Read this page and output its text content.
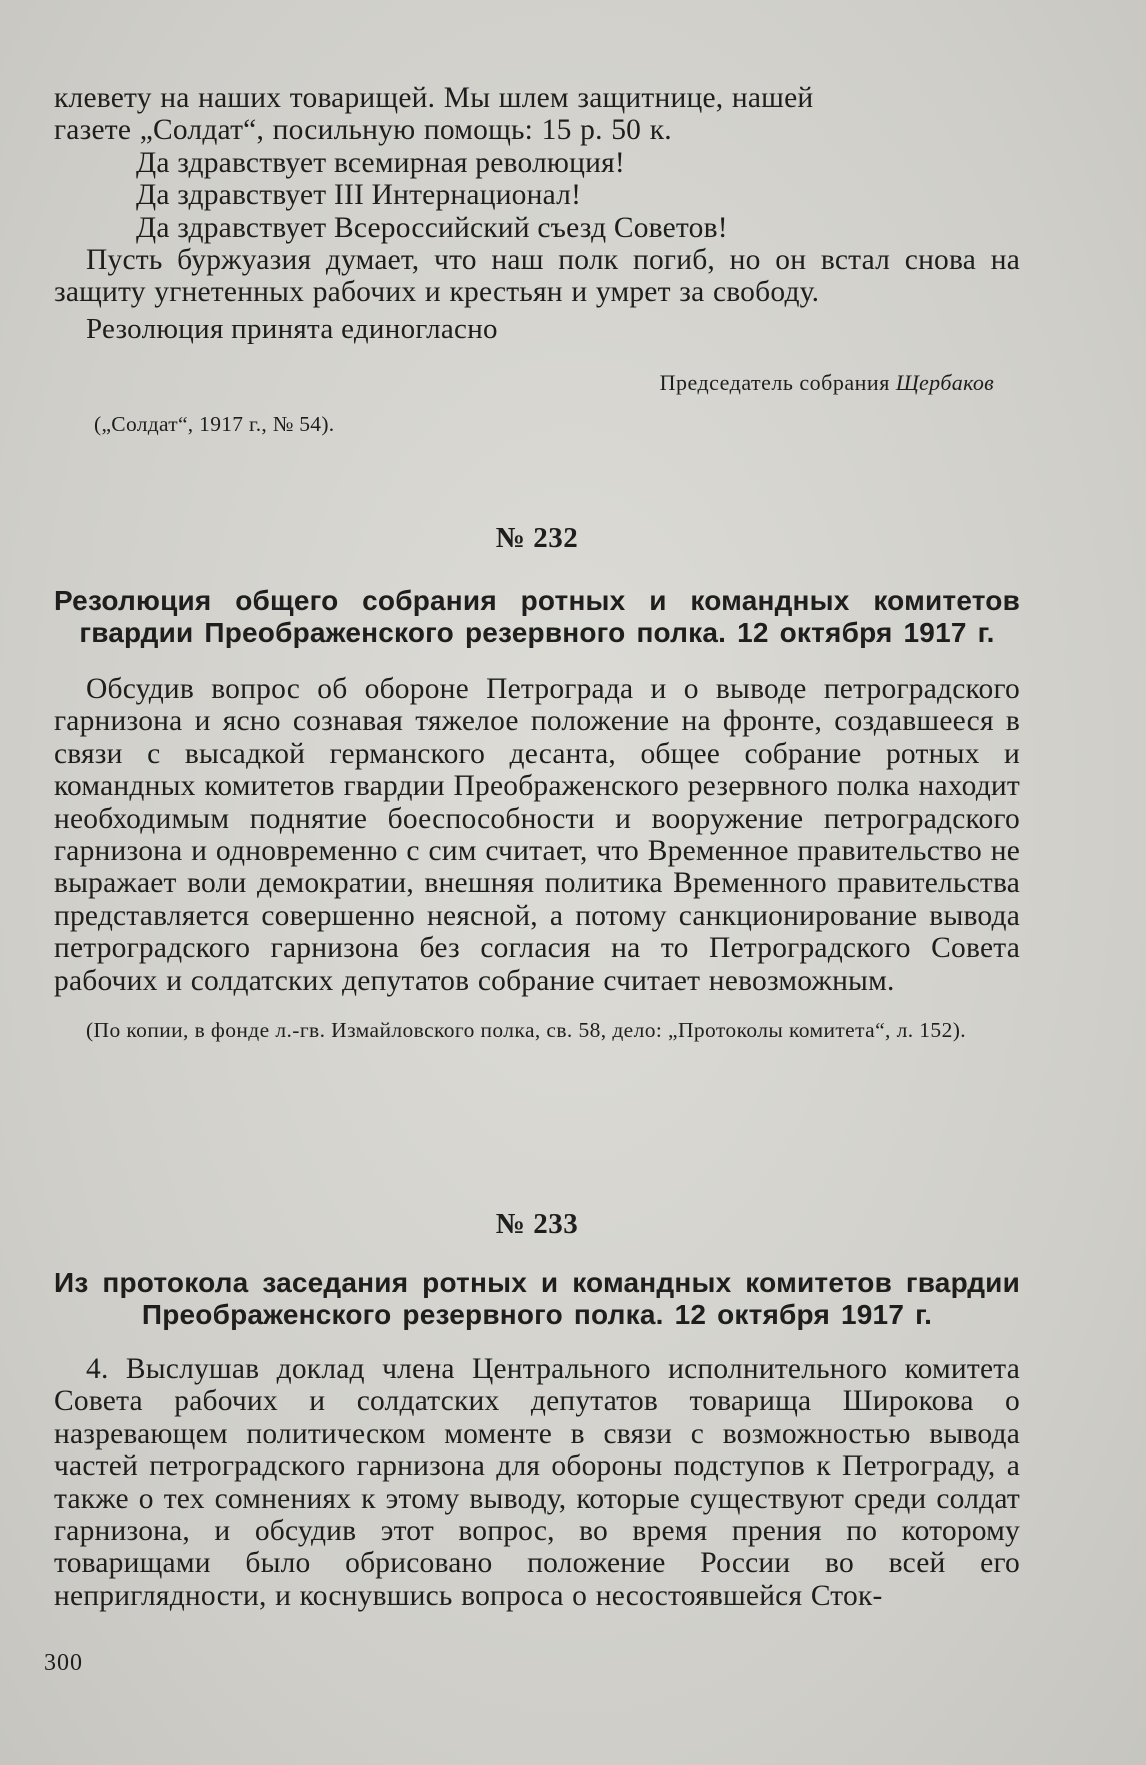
клевету на нaших товарищей. Мы шлем защитнице, нашей

газете „Солдат“, посильную помощь: 15 р. 50 к.

Да здравствует всемирная революция!

Да здравствует III Интернационал!

Да здравствует Всероссийский съезд Советов!

Пусть буржуазия думает, что наш полк погиб, но он встал снова на защиту угнетенных рабочих и крестьян и умрет за свободу.

Резолюция принята единогласно

Председатель собрания Щербаков

(„Солдат“, 1917 г., № 54).

№ 232

Резолюция общего собрания ротных и командных комитетов гвардии Преображенского резервного полка. 12 октября 1917 г.

Обсудив вопрос об обороне Петрограда и о выводе петроградского гарнизона и ясно сознавая тяжелое положение на фронте, создавшееся в связи с высадкой германского десанта, общее собрание ротных и командных комитетов гвардии Преображенского резервного полка находит необходимым поднятие боеспособности и вооружение петроградского гарнизона и одновременно с сим считает, что Временное правительство не выражает воли демократии, внешняя политика Временного правительства представляется совершенно неясной, а потому санкционирование вывода петроградского гарнизона без согласия на то Петроградского Совета рабочих и солдатских депутатов собрание считает невозможным.

(По копии, в фонде л.-гв. Измайловского полка, св. 58, дело: „Протоколы комитета“, л. 152).

№ 233

Из протокола заседания ротных и командных комитетов гвардии Преображенского резервного полка. 12 октября 1917 г.

4. Выслушав доклад члена Центрального исполнительного комитета Совета рабочих и солдатских депутатов товарища Широкова о назревающем политическом моменте в связи с возможностью вывода частей петроградского гарнизона для обороны подступов к Петрограду, а также о тех сомнениях к этому выводу, которые существуют среди солдат гарнизона, и обсудив этот вопрос, во время прения по которому товарищами было обрисовано положение России во всей его неприглядности, и коснувшись вопроса о несостоявшейся Сток-

300
